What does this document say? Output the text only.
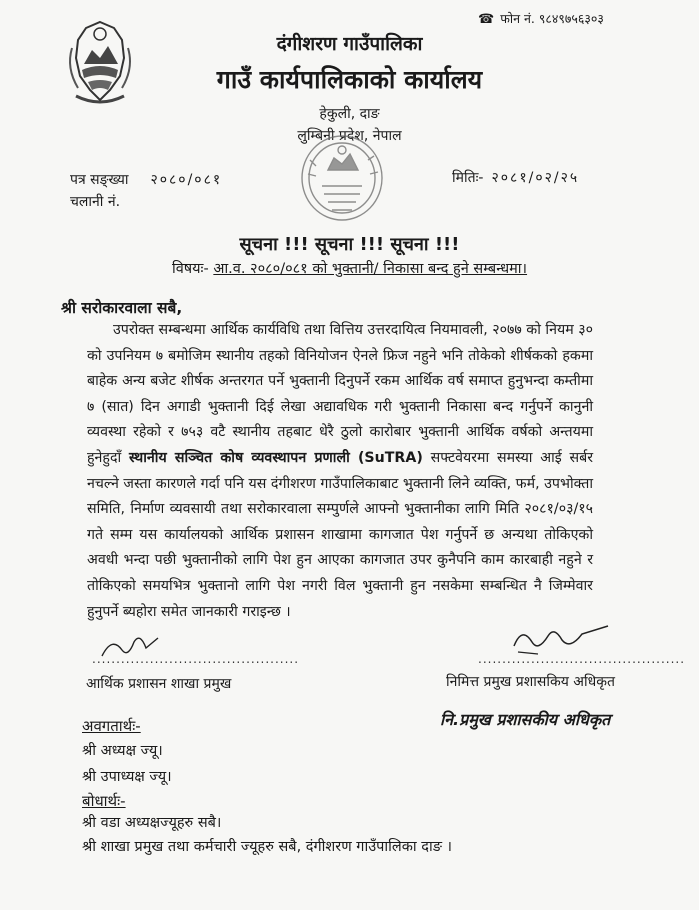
☎ फोन नं. ९८४९७५६३०३
दंगीशरण गाउँपालिका
गाउँ कार्यपालिकाको कार्यालय
हेकुली, दाङ
लुम्बिनी प्रदेश, नेपाल
पत्र सङ्ख्या २०८०/०८१
चलानी नं.
मितिः- २०८१/०२/२५
सूचना !!! सूचना !!! सूचना !!!
विषयः- आ.व. २०८०/०८१ को भुक्तानी/ निकासा बन्द हुने सम्बन्धमा।
श्री सरोकारवाला सबै,

उपरोक्त सम्बन्धमा आर्थिक कार्यविधि तथा वित्तिय उत्तरदायित्व नियमावली, २०७७ को नियम ३० को उपनियम ७ बमोजिम स्थानीय तहको विनियोजन ऐनले फ्रिज नहुने भनि तोकेको शीर्षकको हकमा बाहेक अन्य बजेट शीर्षक अन्तरगत पर्ने भुक्तानी दिनुपर्ने रकम आर्थिक वर्ष समाप्त हुनुभन्दा कम्तीमा ७ (सात) दिन अगाडी भुक्तानी दिई लेखा अद्यावधिक गरी भुक्तानी निकासा बन्द गर्नुपर्ने कानुनी व्यवस्था रहेको र ७५३ वटै स्थानीय तहबाट धेरै ठुलो कारोबार भुक्तानी आर्थिक वर्षको अन्तयमा हुनेहुदाँ स्थानीय सञ्चित कोष व्यवस्थापन प्रणाली (SuTRA) सफ्टवेयरमा समस्या आई सर्बर नचल्ने जस्ता कारणले गर्दा पनि यस दंगीशरण गाउँपालिकाबाट भुक्तानी लिने व्यक्ति, फर्म, उपभोक्ता समिति, निर्माण व्यवसायी तथा सरोकारवाला सम्पुर्णले आफ्नो भुक्तानीका लागि मिति २०८१/०३/१५ गते सम्म यस कार्यालयको आर्थिक प्रशासन शाखामा कागजात पेश गर्नुपर्ने छ अन्यथा तोकिएको अवधी भन्दा पछी भुक्तानीको लागि पेश हुन आएका कागजात उपर कुनैपनि काम कारबाही नहुने र तोकिएको समयभित्र भुक्तानो लागि पेश नगरी विल भुक्तानी हुन नसकेमा सम्बन्धित नै जिम्मेवार हुनुपर्ने ब्यहोरा समेत जानकारी गराइन्छ ।

...........................................
आर्थिक प्रशासन शाखा प्रमुख
...........................................
निमित्त प्रमुख प्रशासकिय अधिकृत
नि.प्रमुख प्रशासकीय अधिकृत
अवगतार्थः-
श्री अध्यक्ष ज्यू।
श्री उपाध्यक्ष ज्यू।
बोधार्थः-
श्री वडा अध्यक्षज्यूहरु सबै।
श्री शाखा प्रमुख तथा कर्मचारी ज्यूहरु सबै, दंगीशरण गाउँपालिका दाङ ।
